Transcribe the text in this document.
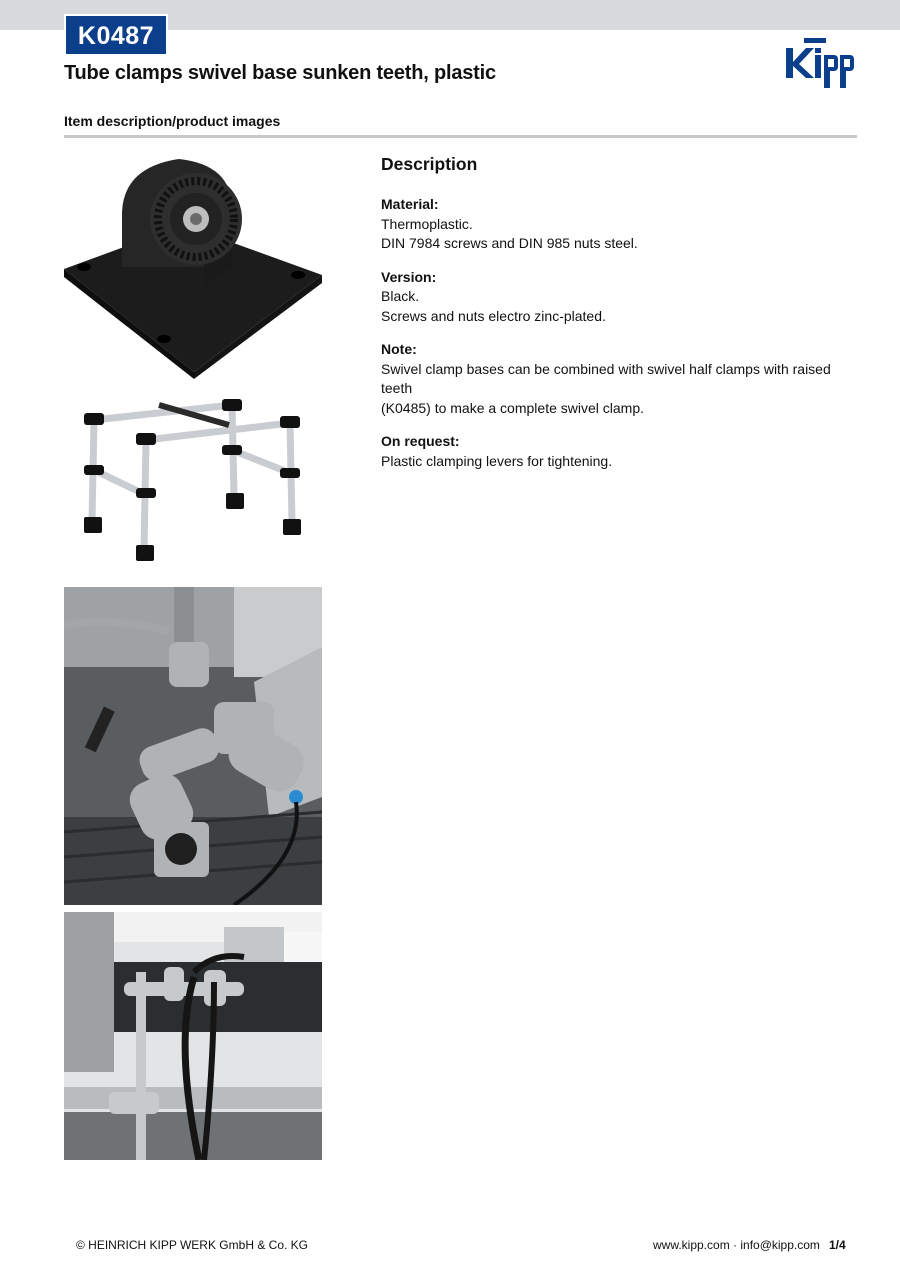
K0487
Tube clamps swivel base sunken teeth, plastic
Item description/product images
Description
Material:
Thermoplastic.
DIN 7984 screws and DIN 985 nuts steel.
Version:
Black.
Screws and nuts electro zinc-plated.
Note:
Swivel clamp bases can be combined with swivel half clamps with raised teeth
(K0485) to make a complete swivel clamp.
On request:
Plastic clamping levers for tightening.
© HEINRICH KIPP WERK GmbH & Co. KG	www.kipp.com · info@kipp.com 1/4
